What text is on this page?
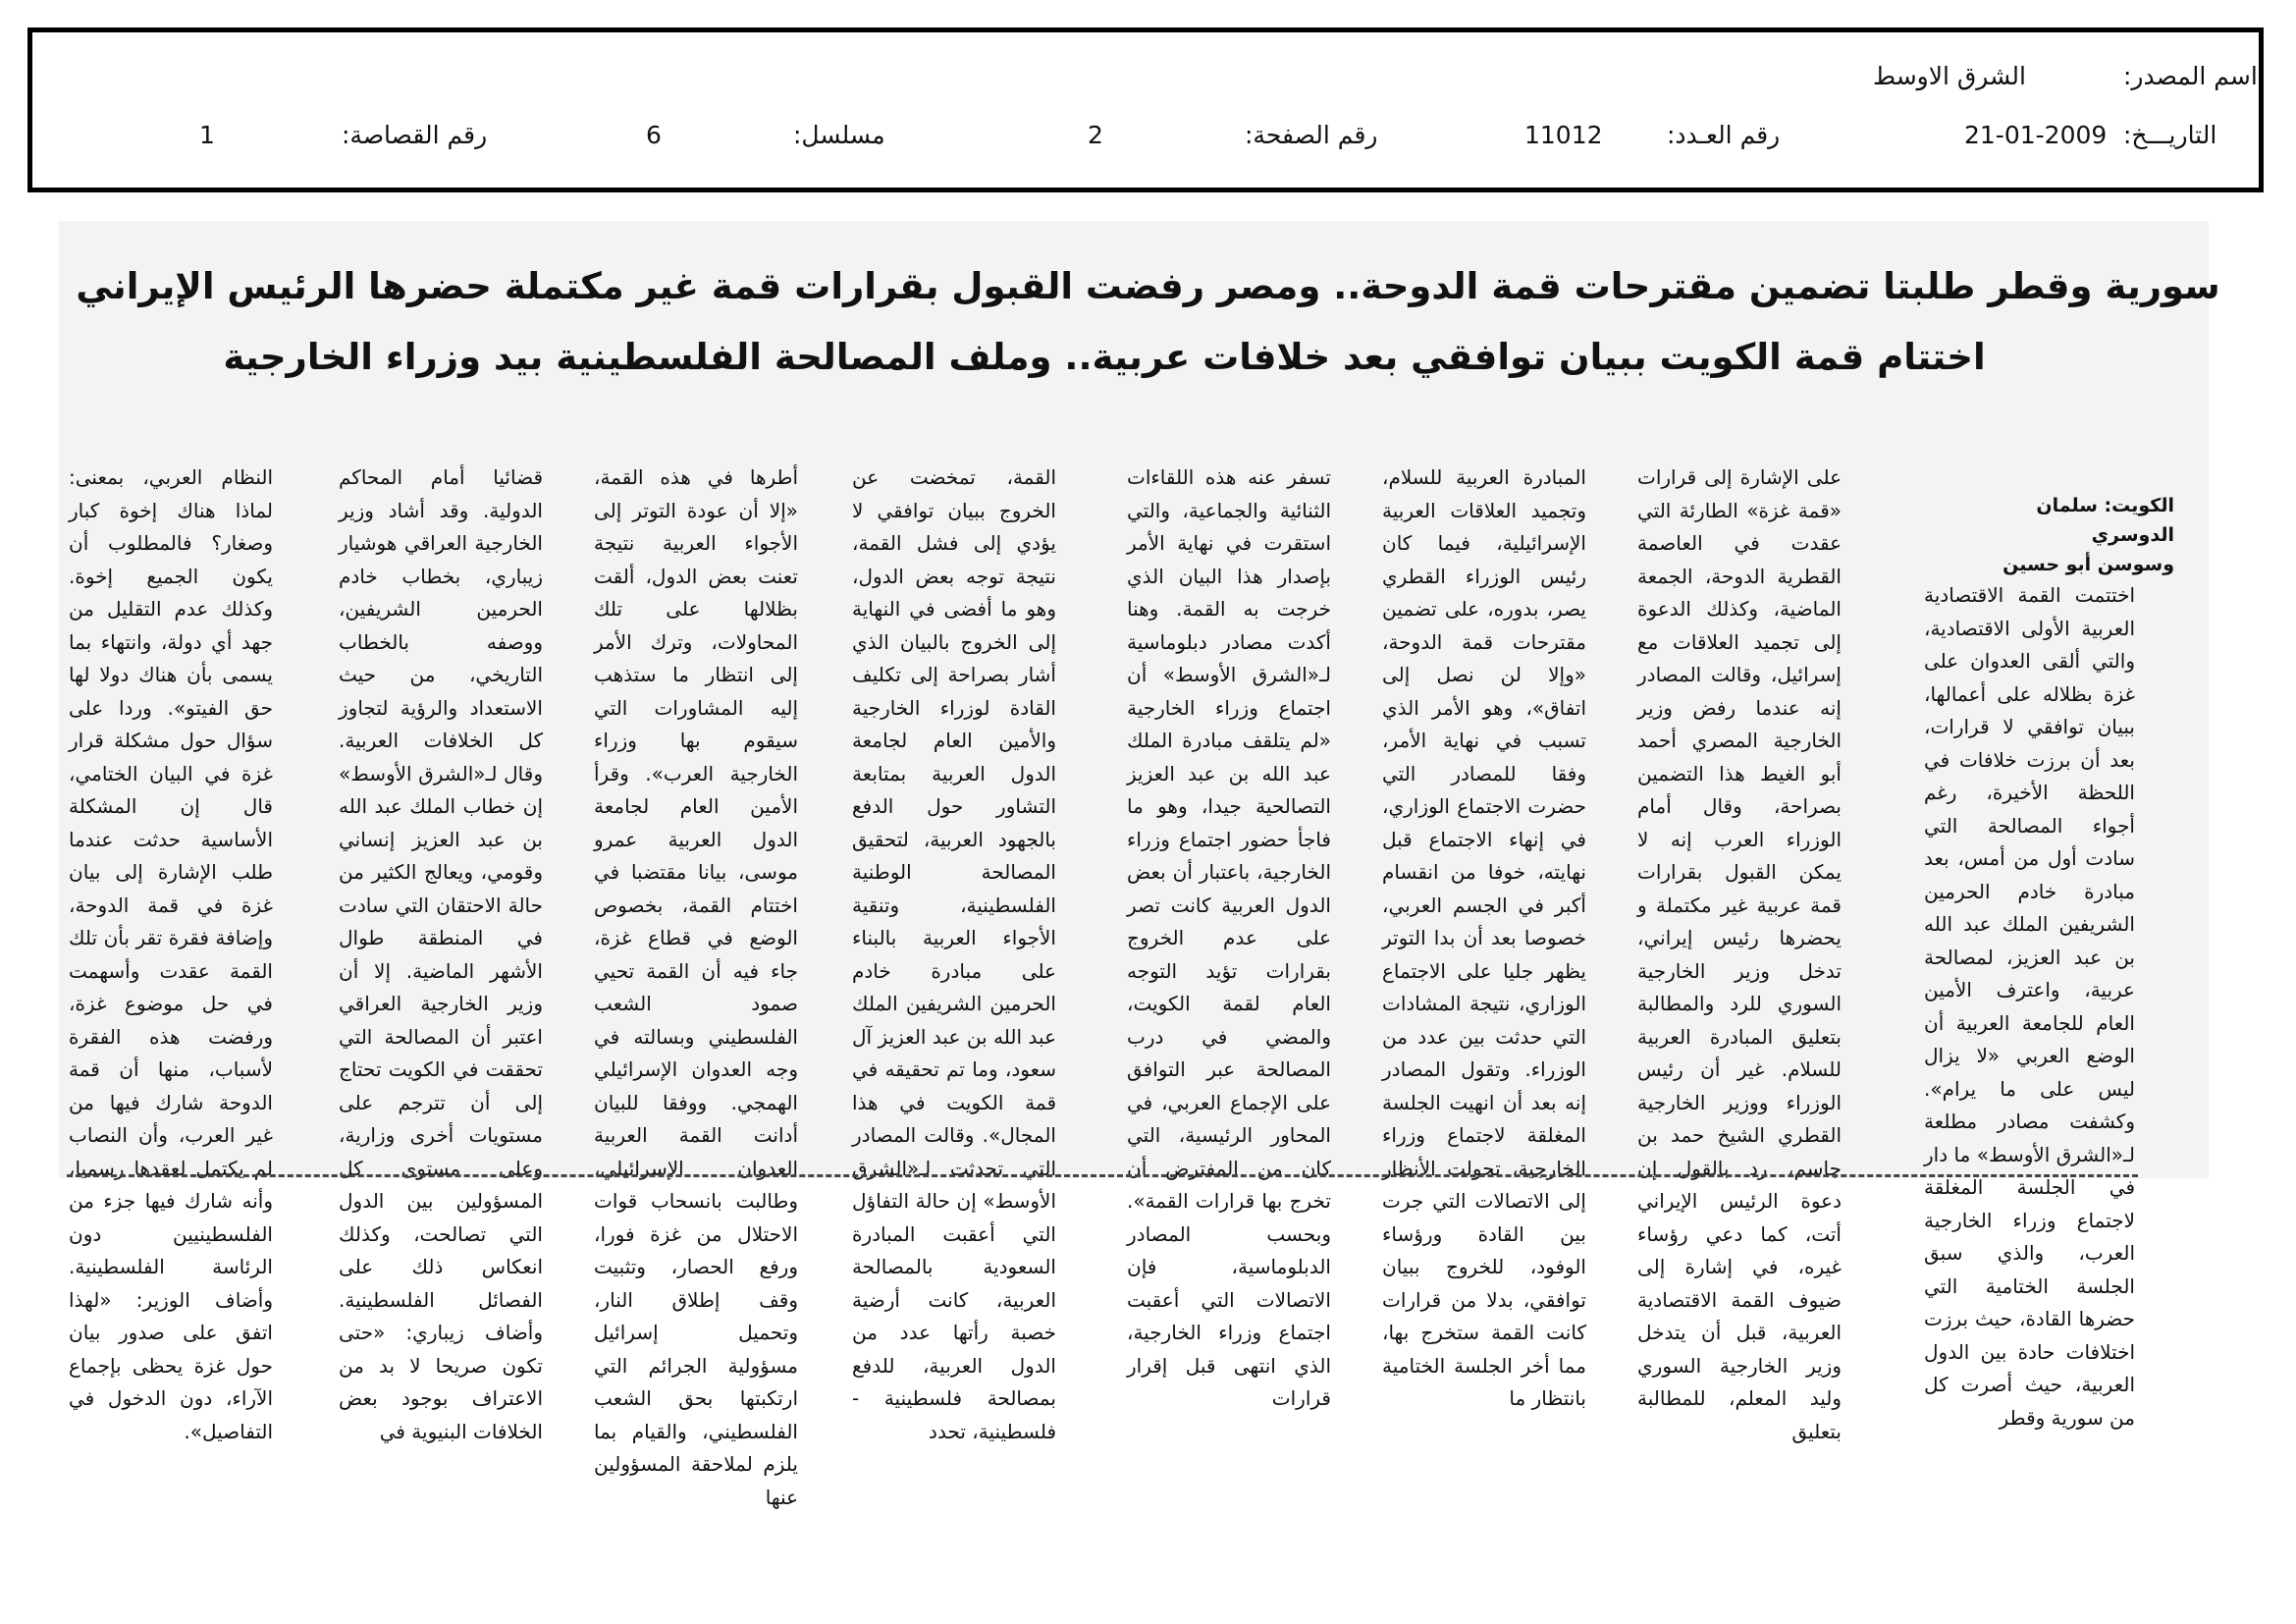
اسم المصدر:
الشرق الاوسط
التاريـــخ:
21-01-2009
رقم العـدد:
11012
رقم الصفحة:
2
مسلسل:
6
رقم القصاصة:
1
سورية وقطر طلبتا تضمين مقترحات قمة الدوحة.. ومصر رفضت القبول بقرارات قمة غير مكتملة حضرها الرئيس الإيراني
اختتام قمة الكويت ببيان توافقي بعد خلافات عربية.. وملف المصالحة الفلسطينية بيد وزراء الخارجية
الكويت: سلمان الدوسري
وسوسن أبو حسين
اختتمت القمة الاقتصادية العربية الأولى الاقتصادية، والتي ألقى العدوان على غزة بظلاله على أعمالها، ببيان توافقي لا قرارات، بعد أن برزت خلافات في اللحظة الأخيرة، رغم أجواء المصالحة التي سادت أول من أمس، بعد مبادرة خادم الحرمين الشريفين الملك عبد الله بن عبد العزيز، لمصالحة عربية، واعترف الأمين العام للجامعة العربية أن الوضع العربي «لا يزال ليس على ما يرام». وكشفت مصادر مطلعة لـ«الشرق الأوسط» ما دار في الجلسة المغلقة لاجتماع وزراء الخارجية العرب، والذي سبق الجلسة الختامية التي حضرها القادة، حيث برزت اختلافات حادة بين الدول العربية، حيث أصرت كل من سورية وقطر
على الإشارة إلى قرارات «قمة غزة» الطارئة التي عقدت في العاصمة القطرية الدوحة، الجمعة الماضية، وكذلك الدعوة إلى تجميد العلاقات مع إسرائيل، وقالت المصادر إنه عندما رفض وزير الخارجية المصري أحمد أبو الغيط هذا التضمين بصراحة، وقال أمام الوزراء العرب إنه لا يمكن القبول بقرارات قمة عربية غير مكتملة و يحضرها رئيس إيراني، تدخل وزير الخارجية السوري للرد والمطالبة بتعليق المبادرة العربية للسلام. غير أن رئيس الوزراء ووزير الخارجية القطري الشيخ حمد بن جاسم، رد بالقول إن دعوة الرئيس الإيراني أتت، كما دعي رؤساء غيره، في إشارة إلى ضيوف القمة الاقتصادية العربية، قبل أن يتدخل وزير الخارجية السوري وليد المعلم، للمطالبة بتعليق
المبادرة العربية للسلام، وتجميد العلاقات العربية الإسرائيلية، فيما كان رئيس الوزراء القطري يصر، بدوره، على تضمين مقترحات قمة الدوحة، «وإلا لن نصل إلى اتفاق»، وهو الأمر الذي تسبب في نهاية الأمر، وفقا للمصادر التي حضرت الاجتماع الوزاري، في إنهاء الاجتماع قبل نهايته، خوفا من انقسام أكبر في الجسم العربي، خصوصا بعد أن بدا التوتر يظهر جليا على الاجتماع الوزاري، نتيجة المشادات التي حدثت بين عدد من الوزراء. وتقول المصادر إنه بعد أن انهيت الجلسة المغلقة لاجتماع وزراء الخارجية، تحولت الأنظار إلى الاتصالات التي جرت بين القادة ورؤساء الوفود، للخروج ببيان توافقي، بدلا من قرارات كانت القمة ستخرج بها، مما أخر الجلسة الختامية بانتظار ما
تسفر عنه هذه اللقاءات الثنائية والجماعية، والتي استقرت في نهاية الأمر بإصدار هذا البيان الذي خرجت به القمة. وهنا أكدت مصادر دبلوماسية لـ«الشرق الأوسط» أن اجتماع وزراء الخارجية «لم يتلقف مبادرة الملك عبد الله بن عبد العزيز التصالحية جيدا، وهو ما فاجأ حضور اجتماع وزراء الخارجية، باعتبار أن بعض الدول العربية كانت تصر على عدم الخروج بقرارات تؤيد التوجه العام لقمة الكويت، والمضي في درب المصالحة عبر التوافق على الإجماع العربي، في المحاور الرئيسية، التي كان من المفترض أن تخرج بها قرارات القمة». وبحسب المصادر الدبلوماسية، فإن الاتصالات التي أعقبت اجتماع وزراء الخارجية، الذي انتهى قبل إقرار قرارات
القمة، تمخضت عن الخروج ببيان توافقي لا يؤدي إلى فشل القمة، نتيجة توجه بعض الدول، وهو ما أفضى في النهاية إلى الخروج بالبيان الذي أشار بصراحة إلى تكليف القادة لوزراء الخارجية والأمين العام لجامعة الدول العربية بمتابعة التشاور حول الدفع بالجهود العربية، لتحقيق المصالحة الوطنية الفلسطينية، وتنقية الأجواء العربية بالبناء على مبادرة خادم الحرمين الشريفين الملك عبد الله بن عبد العزيز آل سعود، وما تم تحقيقه في قمة الكويت في هذا المجال». وقالت المصادر التي تحدثت لـ«الشرق الأوسط» إن حالة التفاؤل التي أعقبت المبادرة السعودية بالمصالحة العربية، كانت أرضية خصبة رأتها عدد من الدول العربية، للدفع بمصالحة فلسطينية - فلسطينية، تحدد
أطرها في هذه القمة، «إلا أن عودة التوتر إلى الأجواء العربية نتيجة تعنت بعض الدول، ألقت بظلالها على تلك المحاولات، وترك الأمر إلى انتظار ما ستذهب إليه المشاورات التي سيقوم بها وزراء الخارجية العرب». وقرأ الأمين العام لجامعة الدول العربية عمرو موسى، بيانا مقتضبا في اختتام القمة، بخصوص الوضع في قطاع غزة، جاء فيه أن القمة تحيي صمود الشعب الفلسطيني وبسالته في وجه العدوان الإسرائيلي الهمجي. ووفقا للبيان أدانت القمة العربية العدوان الإسرائيلي، وطالبت بانسحاب قوات الاحتلال من غزة فورا، ورفع الحصار، وتثبيت وقف إطلاق النار، وتحميل إسرائيل مسؤولية الجرائم التي ارتكبتها بحق الشعب الفلسطيني، والقيام بما يلزم لملاحقة المسؤولين عنها
قضائيا أمام المحاكم الدولية. وقد أشاد وزير الخارجية العراقي هوشيار زيباري، بخطاب خادم الحرمين الشريفين، ووصفه بالخطاب التاريخي، من حيث الاستعداد والرؤية لتجاوز كل الخلافات العربية. وقال لـ«الشرق الأوسط» إن خطاب الملك عبد الله بن عبد العزيز إنساني وقومي، ويعالج الكثير من حالة الاحتقان التي سادت في المنطقة طوال الأشهر الماضية. إلا أن وزير الخارجية العراقي اعتبر أن المصالحة التي تحققت في الكويت تحتاج إلى أن تترجم على مستويات أخرى وزارية، وعلى مستوى كل المسؤولين بين الدول التي تصالحت، وكذلك انعكاس ذلك على الفصائل الفلسطينية. وأضاف زيباري: «حتى تكون صريحا لا بد من الاعتراف بوجود بعض الخلافات البنيوية في
النظام العربي، بمعنى: لماذا هناك إخوة كبار وصغار؟ فالمطلوب أن يكون الجميع إخوة. وكذلك عدم التقليل من جهد أي دولة، وانتهاء بما يسمى بأن هناك دولا لها حق الفيتو». وردا على سؤال حول مشكلة قرار غزة في البيان الختامي، قال إن المشكلة الأساسية حدثت عندما طلب الإشارة إلى بيان غزة في قمة الدوحة، وإضافة فقرة تقر بأن تلك القمة عقدت وأسهمت في حل موضوع غزة، ورفضت هذه الفقرة لأسباب، منها أن قمة الدوحة شارك فيها من غير العرب، وأن النصاب لم يكتمل لعقدها رسميا، وأنه شارك فيها جزء من الفلسطينيين دون الرئاسة الفلسطينية. وأضاف الوزير: «لهذا اتفق على صدور بيان حول غزة يحظى بإجماع الآراء، دون الدخول في التفاصيل».
